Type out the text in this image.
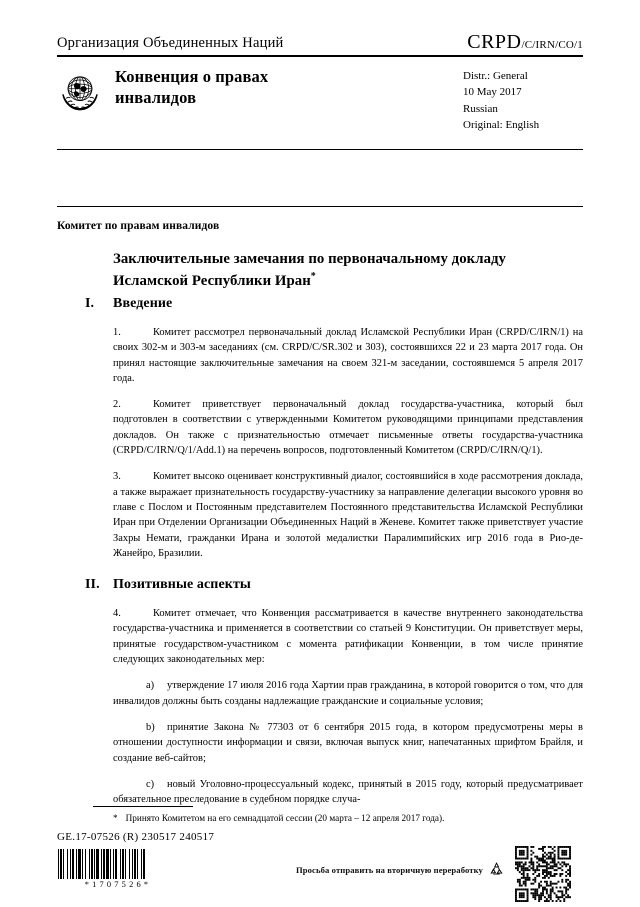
Организация Объединенных Наций	CRPD/C/IRN/CO/1
Конвенция о правах инвалидов
Distr.: General
10 May 2017
Russian
Original: English
Комитет по правам инвалидов
Заключительные замечания по первоначальному докладу Исламской Республики Иран*
I.	Введение

1.	Комитет рассмотрел первоначальный доклад Исламской Республики Иран (CRPD/C/IRN/1) на своих 302-м и 303-м заседаниях (см. CRPD/C/SR.302 и 303), состоявшихся 22 и 23 марта 2017 года. Он принял настоящие заключительные замечания на своем 321-м заседании, состоявшемся 5 апреля 2017 года.

2.	Комитет приветствует первоначальный доклад государства-участника, который был подготовлен в соответствии с утвержденными Комитетом руководящими принципами представления докладов. Он также с признательностью отмечает письменные ответы государства-участника (CRPD/C/IRN/Q/1/Add.1) на перечень вопросов, подготовленный Комитетом (CRPD/C/IRN/Q/1).

3.	Комитет высоко оценивает конструктивный диалог, состоявшийся в ходе рассмотрения доклада, а также выражает признательность государству-участнику за направление делегации высокого уровня во главе с Послом и Постоянным представителем Постоянного представительства Исламской Республики Иран при Отделении Организации Объединенных Наций в Женеве. Комитет также приветствует участие Захры Немати, гражданки Ирана и золотой медалистки Паралимпийских игр 2016 года в Рио-де-Жанейро, Бразилии.

II. Позитивные аспекты

4.	Комитет отмечает, что Конвенция рассматривается в качестве внутреннего законодательства государства-участника и применяется в соответствии со статьей 9 Конституции. Он приветствует меры, принятые государством-участником с момента ратификации Конвенции, в том числе принятие следующих законодательных мер:

a) утверждение 17 июля 2016 года Хартии прав гражданина, в которой говорится о том, что для инвалидов должны быть созданы надлежащие гражданские и социальные условия;

b) принятие Закона № 77303 от 6 сентября 2015 года, в котором предусмотрены меры в отношении доступности информации и связи, включая выпуск книг, напечатанных шрифтом Брайля, и создание веб-сайтов;

c) новый Уголовно-процессуальный кодекс, принятый в 2015 году, который предусматривает обязательное преследование в судебном порядке случа-

* Принято Комитетом на его семнадцатой сессии (20 марта – 12 апреля 2017 года).
GE.17-07526 (R) 230517 240517
*1707526*
Просьба отправить на вторичную переработку
